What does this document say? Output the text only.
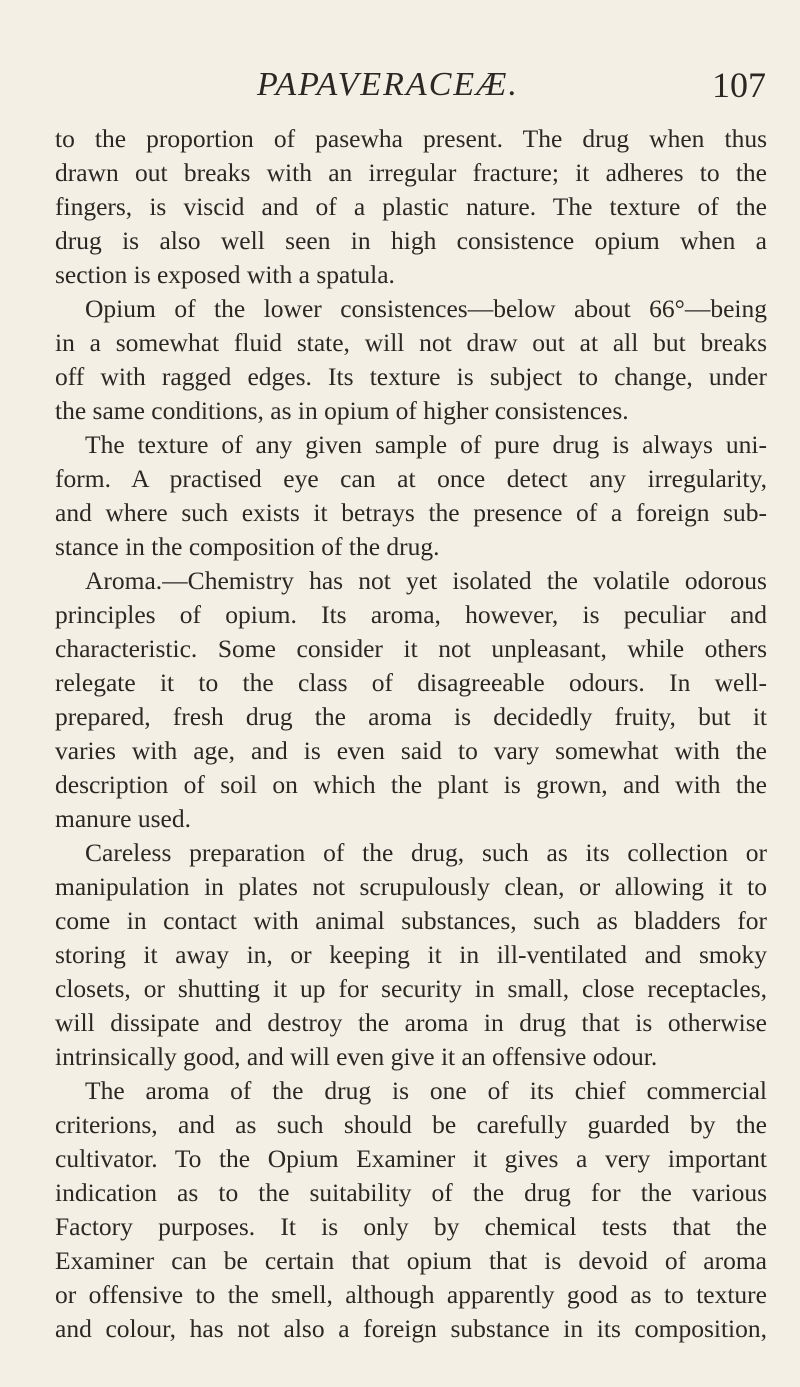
PAPAVERACEÆ.	107
to the proportion of pasewha present. The drug when thus
drawn out breaks with an irregular fracture; it adheres to the
fingers, is viscid and of a plastic nature. The texture of the
drug is also well seen in high consistence opium when a
section is exposed with a spatula.
Opium of the lower consistences—below about 66°—being
in a somewhat fluid state, will not draw out at all but breaks
off with ragged edges. Its texture is subject to change, under
the same conditions, as in opium of higher consistences.
The texture of any given sample of pure drug is always uni-
form. A practised eye can at once detect any irregularity,
and where such exists it betrays the presence of a foreign sub-
stance in the composition of the drug.
Aroma.—Chemistry has not yet isolated the volatile odorous
principles of opium. Its aroma, however, is peculiar and
characteristic. Some consider it not unpleasant, while others
relegate it to the class of disagreeable odours. In well-
prepared, fresh drug the aroma is decidedly fruity, but it
varies with age, and is even said to vary somewhat with the
description of soil on which the plant is grown, and with the
manure used.
Careless preparation of the drug, such as its collection or
manipulation in plates not scrupulously clean, or allowing it to
come in contact with animal substances, such as bladders for
storing it away in, or keeping it in ill-ventilated and smoky
closets, or shutting it up for security in small, close receptacles,
will dissipate and destroy the aroma in drug that is otherwise
intrinsically good, and will even give it an offensive odour.
The aroma of the drug is one of its chief commercial
criterions, and as such should be carefully guarded by the
cultivator. To the Opium Examiner it gives a very important
indication as to the suitability of the drug for the various
Factory purposes. It is only by chemical tests that the
Examiner can be certain that opium that is devoid of aroma
or offensive to the smell, although apparently good as to texture
and colour, has not also a foreign substance in its composition,
